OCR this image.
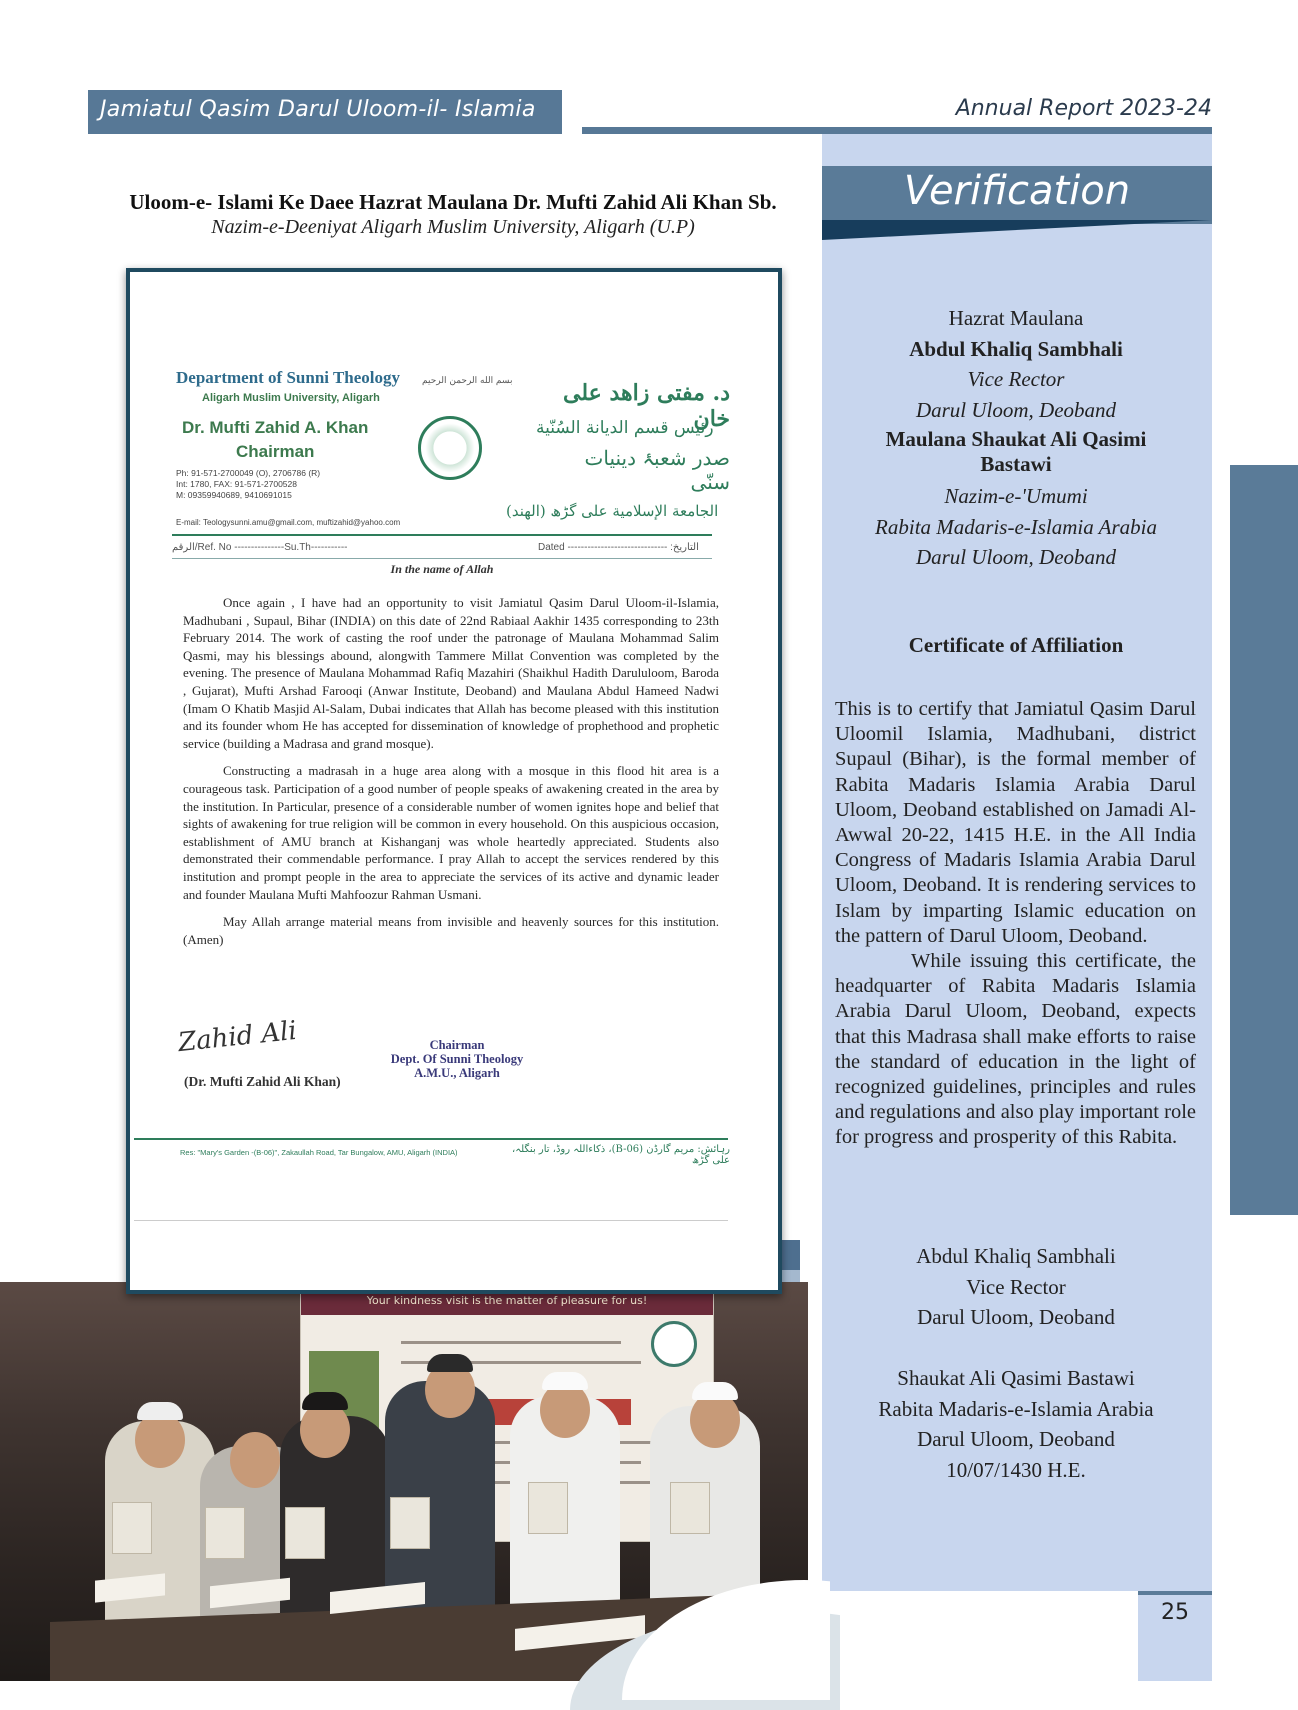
Jamiatul Qasim Darul Uloom-il- Islamia	Annual Report 2023-24
Verification
Hazrat Maulana
Abdul Khaliq Sambhali
Vice Rector
Darul Uloom, Deoband
Maulana Shaukat Ali Qasimi Bastawi
Nazim-e-'Umumi
Rabita Madaris-e-Islamia Arabia
Darul Uloom, Deoband
Certificate of Affiliation

This is to certify that Jamiatul Qasim Darul Uloomil Islamia, Madhubani, district Supaul (Bihar), is the formal member of Rabita Madaris Islamia Arabia Darul Uloom, Deoband established on Jamadi Al-Awwal 20-22, 1415 H.E. in the All India Congress of Madaris Islamia Arabia Darul Uloom, Deoband. It is rendering services to Islam by imparting Islamic education on the pattern of Darul Uloom, Deoband.

While issuing this certificate, the headquarter of Rabita Madaris Islamia Arabia Darul Uloom, Deoband, expects that this Madrasa shall make efforts to raise the standard of education in the light of recognized guidelines, principles and rules and regulations and also play important role for progress and prosperity of this Rabita.

Abdul Khaliq Sambhali
Vice Rector
Darul Uloom, Deoband
Shaukat Ali Qasimi Bastawi
Rabita Madaris-e-Islamia Arabia
Darul Uloom, Deoband
10/07/1430 H.E.
25
Uloom-e- Islami Ke Daee Hazrat Maulana Dr. Mufti Zahid Ali Khan Sb.
Nazim-e-Deeniyat Aligarh Muslim University, Aligarh (U.P)
Your kindness visit is the matter of pleasure for us!
Department of Sunni Theology
Aligarh Muslim University, Aligarh
Dr. Mufti Zahid A. Khan
Chairman
Ph: 91-571-2700049 (O), 2706786 (R)
Int: 1780, FAX: 91-571-2700528
M: 09359940689, 9410691015
E-mail: Teologysunni.amu@gmail.com, muftizahid@yahoo.com
بسم الله الرحمن الرحيم	د. مفتی زاهد علی خان
رئيس قسم الديانة السُنّية
صدر شعبۂ دینیات سنّی
الجامعة الإسلامية علی گڑھ (الهند)
الرقم/Ref. No ---------------Su.Th-----------	Dated ------------------------------ :التاريخ
In the name of Allah

Once again , I have had an opportunity to visit Jamiatul Qasim Darul Uloom-il-Islamia, Madhubani , Supaul, Bihar (INDIA) on this date of 22nd Rabiaal Aakhir 1435 corresponding to 23th February 2014. The work of casting the roof under the patronage of Maulana Mohammad Salim Qasmi, may his blessings abound, alongwith Tammere Millat Convention was completed by the evening. The presence of Maulana Mohammad Rafiq Mazahiri (Shaikhul Hadith Darululoom, Baroda , Gujarat), Mufti Arshad Farooqi (Anwar Institute, Deoband) and Maulana Abdul Hameed Nadwi (Imam O Khatib Masjid Al-Salam, Dubai indicates that Allah has become pleased with this institution and its founder whom He has accepted for dissemination of knowledge of prophethood and prophetic service (building a Madrasa and grand mosque).

Constructing a madrasah in a huge area along with a mosque in this flood hit area is a courageous task. Participation of a good number of people speaks of awakening created in the area by the institution. In Particular, presence of a considerable number of women ignites hope and belief that sights of awakening for true religion will be common in every household. On this auspicious occasion, establishment of AMU branch at Kishanganj was whole heartedly appreciated. Students also demonstrated their commendable performance. I pray Allah to accept the services rendered by this institution and prompt people in the area to appreciate the services of its active and dynamic leader and founder Maulana Mufti Mahfoozur Rahman Usmani.

May Allah arrange material means from invisible and heavenly sources for this institution. (Amen)

Zahid Ali
(Dr. Mufti Zahid Ali Khan)
Chairman
Dept. Of Sunni Theology
A.M.U., Aligarh
Res: "Mary's Garden -(B-06)", Zakaullah Road, Tar Bungalow, AMU, Aligarh (INDIA)	رہائش: مریم گارڈن (B-06)، ذکاءاللہ روڈ، تار بنگلہ، علی گڑھ
